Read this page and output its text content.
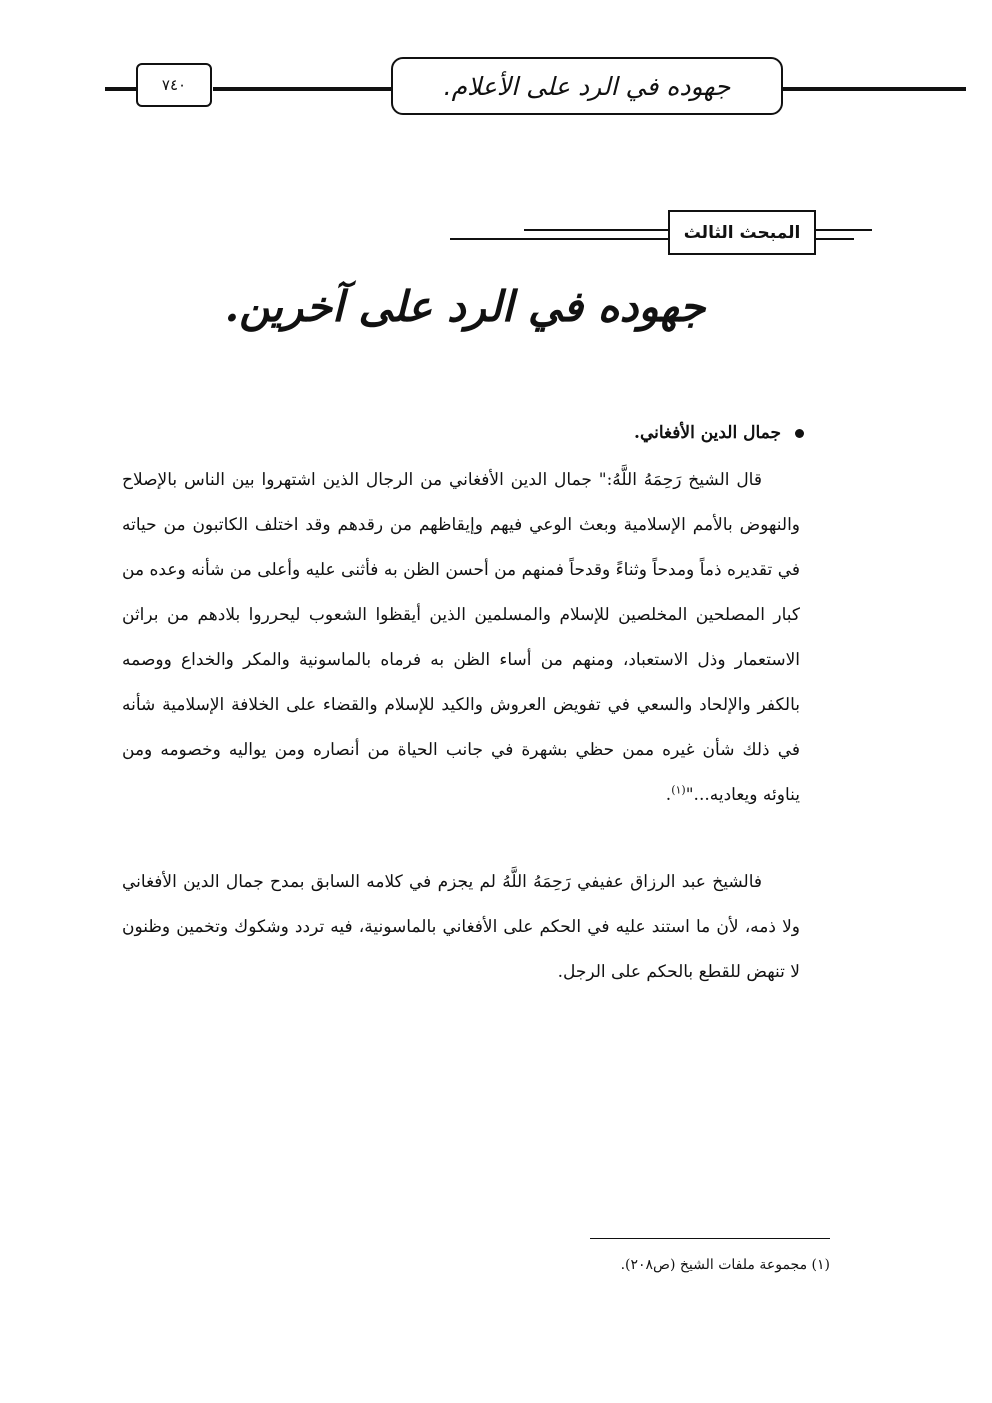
٧٤٠	جهوده في الرد على الأعلام.
المبحث الثالث
جهوده في الرد على آخرين.
جمال الدين الأفغاني.

قال الشيخ رَحِمَهُ اللَّهُ:" جمال الدين الأفغاني من الرجال الذين اشتهروا بين الناس بالإصلاح والنهوض بالأمم الإسلامية وبعث الوعي فيهم وإيقاظهم من رقدهم وقد اختلف الكاتبون من حياته في تقديره ذماً ومدحاً وثناءً وقدحاً فمنهم من أحسن الظن به فأثنى عليه وأعلى من شأنه وعده من كبار المصلحين المخلصين للإسلام والمسلمين الذين أيقظوا الشعوب ليحرروا بلادهم من براثن الاستعمار وذل الاستعباد، ومنهم من أساء الظن به فرماه بالماسونية والمكر والخداع ووصمه بالكفر والإلحاد والسعي في تفويض العروش والكيد للإسلام والقضاء على الخلافة الإسلامية شأنه في ذلك شأن غيره ممن حظي بشهرة في جانب الحياة من أنصاره ومن يواليه وخصومه ومن يناوئه ويعاديه..."$^{(١)}$.

فالشيخ عبد الرزاق عفيفي رَحِمَهُ اللَّهُ لم يجزم في كلامه السابق بمدح جمال الدين الأفغاني ولا ذمه، لأن ما استند عليه في الحكم على الأفغاني بالماسونية، فيه تردد وشكوك وتخمين وظنون لا تنهض للقطع بالحكم على الرجل.

(١) مجموعة ملفات الشيخ (ص٢٠٨).
